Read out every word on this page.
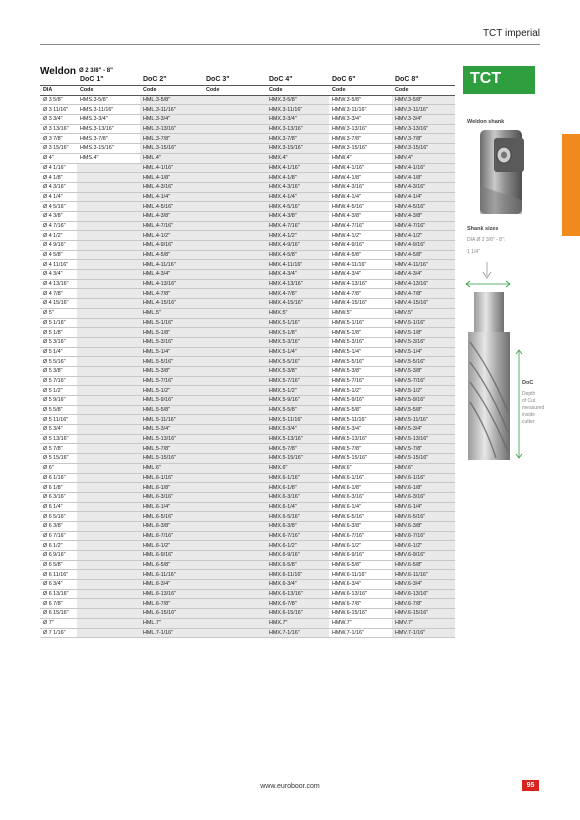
TCT imperial
Weldon $^{Ø 2 3/8" - 8"}$
	DoC 1"	DoC 2"	DoC 3"	DoC 4"	DoC 6"	DoC 8"
DIA	Code	Code	Code	Code	Code	Code
Ø 3 5/8"	HMS.3-5/8"	HML.3-5/8"		HMX.3-5/8"	HMW.3-5/8"	HMV.3-5/8"
Ø 3 11/16"	HMS.3-11/16"	HML.3-11/16"		HMX.3-11/16"	HMW.3-11/16"	HMV.3-11/16"
Ø 3 3/4"	HMS.3-3/4"	HML.3-3/4"		HMX.3-3/4"	HMW.3-3/4"	HMV.3-3/4"
Ø 3 13/16"	HMS.3-13/16"	HML.3-13/16"		HMX.3-13/16"	HMW.3-13/16"	HMV.3-13/16"
Ø 3 7/8"	HMS.3-7/8"	HML.3-7/8"		HMX.3-7/8"	HMW.3-7/8"	HMV.3-7/8"
Ø 3 15/16"	HMS.3-15/16"	HML.3-15/16"		HMX.3-15/16"	HMW.3-15/16"	HMV.3-15/16"
Ø 4"	HMS.4"	HML.4"		HMX.4"	HMW.4"	HMV.4"
Ø 4 1/16"		HML.4-1/16"		HMX.4-1/16"	HMW.4-1/16"	HMV.4-1/16"
Ø 4 1/8"		HML.4-1/8"		HMX.4-1/8"	HMW.4-1/8"	HMV.4-1/8"
Ø 4 3/16"		HML.4-3/16"		HMX.4-3/16"	HMW.4-3/16"	HMV.4-3/16"
Ø 4 1/4"		HML.4-1/4"		HMX.4-1/4"	HMW.4-1/4"	HMV.4-1/4"
Ø 4 5/16"		HML.4-5/16"		HMX.4-5/16"	HMW.4-5/16"	HMV.4-5/16"
Ø 4 3/8"		HML.4-3/8"		HMX.4-3/8"	HMW.4-3/8"	HMV.4-3/8"
Ø 4 7/16"		HML.4-7/16"		HMX.4-7/16"	HMW.4-7/16"	HMV.4-7/16"
Ø 4 1/2"		HML.4-1/2"		HMX.4-1/2"	HMW.4-1/2"	HMV.4-1/2"
Ø 4 9/16"		HML.4-9/16"		HMX.4-9/16"	HMW.4-9/16"	HMV.4-9/16"
Ø 4 5/8"		HML.4-5/8"		HMX.4-5/8"	HMW.4-5/8"	HMV.4-5/8"
Ø 4 11/16"		HML.4-11/16"		HMX.4-11/16"	HMW.4-11/16"	HMV.4-11/16"
Ø 4 3/4"		HML.4-3/4"		HMX.4-3/4"	HMW.4-3/4"	HMV.4-3/4"
Ø 4 13/16"		HML.4-13/16"		HMX.4-13/16"	HMW.4-13/16"	HMV.4-13/16"
Ø 4 7/8"		HML.4-7/8"		HMX.4-7/8"	HMW.4-7/8"	HMV.4-7/8"
Ø 4 15/16"		HML.4-15/16"		HMX.4-15/16"	HMW.4-15/16"	HMV.4-15/16"
Ø 5"		HML.5"		HMX.5"	HMW.5"	HMV.5"
Ø 5 1/16"		HML.5-1/16"		HMX.5-1/16"	HMW.5-1/16"	HMV.5-1/16"
Ø 5 1/8"		HML.5-1/8"		HMX.5-1/8"	HMW.5-1/8"	HMV.5-1/8"
Ø 5 3/16"		HML.5-3/16"		HMX.5-3/16"	HMW.5-3/16"	HMV.5-3/16"
Ø 5 1/4"		HML.5-1/4"		HMX.5-1/4"	HMW.5-1/4"	HMV.5-1/4"
Ø 5 5/16"		HML.5-5/16"		HMX.5-5/16"	HMW.5-5/16"	HMV.5-5/16"
Ø 5 3/8"		HML.5-3/8"		HMX.5-3/8"	HMW.5-3/8"	HMV.5-3/8"
Ø 5 7/16"		HML.5-7/16"		HMX.5-7/16"	HMW.5-7/16"	HMV.5-7/16"
Ø 5 1/2"		HML.5-1/2"		HMX.5-1/2"	HMW.5-1/2"	HMV.5-1/2"
Ø 5 9/16"		HML.5-9/16"		HMX.5-9/16"	HMW.5-9/16"	HMV.5-9/16"
Ø 5 5/8"		HML.5-5/8"		HMX.5-5/8"	HMW.5-5/8"	HMV.5-5/8"
Ø 5 11/16"		HML.5-11/16"		HMX.5-11/16"	HMW.5-11/16"	HMV.5-11/16"
Ø 5 3/4"		HML.5-3/4"		HMX.5-3/4"	HMW.5-3/4"	HMV.5-3/4"
Ø 5 13/16"		HML.5-13/16"		HMX.5-13/16"	HMW.5-13/16"	HMV.5-13/16"
Ø 5 7/8"		HML.5-7/8"		HMX.5-7/8"	HMW.5-7/8"	HMV.5-7/8"
Ø 5 15/16"		HML.5-15/16"		HMX.5-15/16"	HMW.5-15/16"	HMV.5-15/16"
Ø 6"		HML.6"		HMX.6"	HMW.6"	HMV.6"
Ø 6 1/16"		HML.6-1/16"		HMX.6-1/16"	HMW.6-1/16"	HMV.6-1/16"
Ø 6 1/8"		HML.6-1/8"		HMX.6-1/8"	HMW.6-1/8"	HMV.6-1/8"
Ø 6 3/16"		HML.6-3/16"		HMX.6-3/16"	HMW.6-3/16"	HMV.6-3/16"
Ø 6 1/4"		HML.6-1/4"		HMX.6-1/4"	HMW.6-1/4"	HMV.6-1/4"
Ø 6 5/16"		HML.6-5/16"		HMX.6-5/16"	HMW.6-5/16"	HMV.6-5/16"
Ø 6 3/8"		HML.6-3/8"		HMX.6-3/8"	HMW.6-3/8"	HMV.6-3/8"
Ø 6 7/16"		HML.6-7/16"		HMX.6-7/16"	HMW.6-7/16"	HMV.6-7/16"
Ø 6 1/2"		HML.6-1/2"		HMX.6-1/2"	HMW.6-1/2"	HMV.6-1/2"
Ø 6 9/16"		HML.6-9/16"		HMX.6-9/16"	HMW.6-9/16"	HMV.6-9/16"
Ø 6 5/8"		HML.6-5/8"		HMX.6-5/8"	HMW.6-5/8"	HMV.6-5/8"
Ø 6 11/16"		HML.6-11/16"		HMX.6-11/16"	HMW.6-11/16"	HMV.6-11/16"
Ø 6 3/4"		HML.6-3/4"		HMX.6-3/4"	HMW.6-3/4"	HMV.6-3/4"
Ø 6 13/16"		HML.6-13/16"		HMX.6-13/16"	HMW.6-13/16"	HMV.6-13/16"
Ø 6 7/8"		HML.6-7/8"		HMX.6-7/8"	HMW.6-7/8"	HMV.6-7/8"
Ø 6 15/16"		HML.6-15/16"		HMX.6-15/16"	HMW.6-15/16"	HMV.6-15/16"
Ø 7"		HML.7"		HMX.7"	HMW.7"	HMV.7"
Ø 7 1/16"		HML.7-1/16"		HMX.7-1/16"	HMW.7-1/16"	HMV.7-1/16"
TCT
Weldon shank
Shank sizes
DIA Ø 2 3/8" - 8":
1 1/4"
DoC
Depth
of Cut
measured
inside
cutter
www.euroboor.com	95
